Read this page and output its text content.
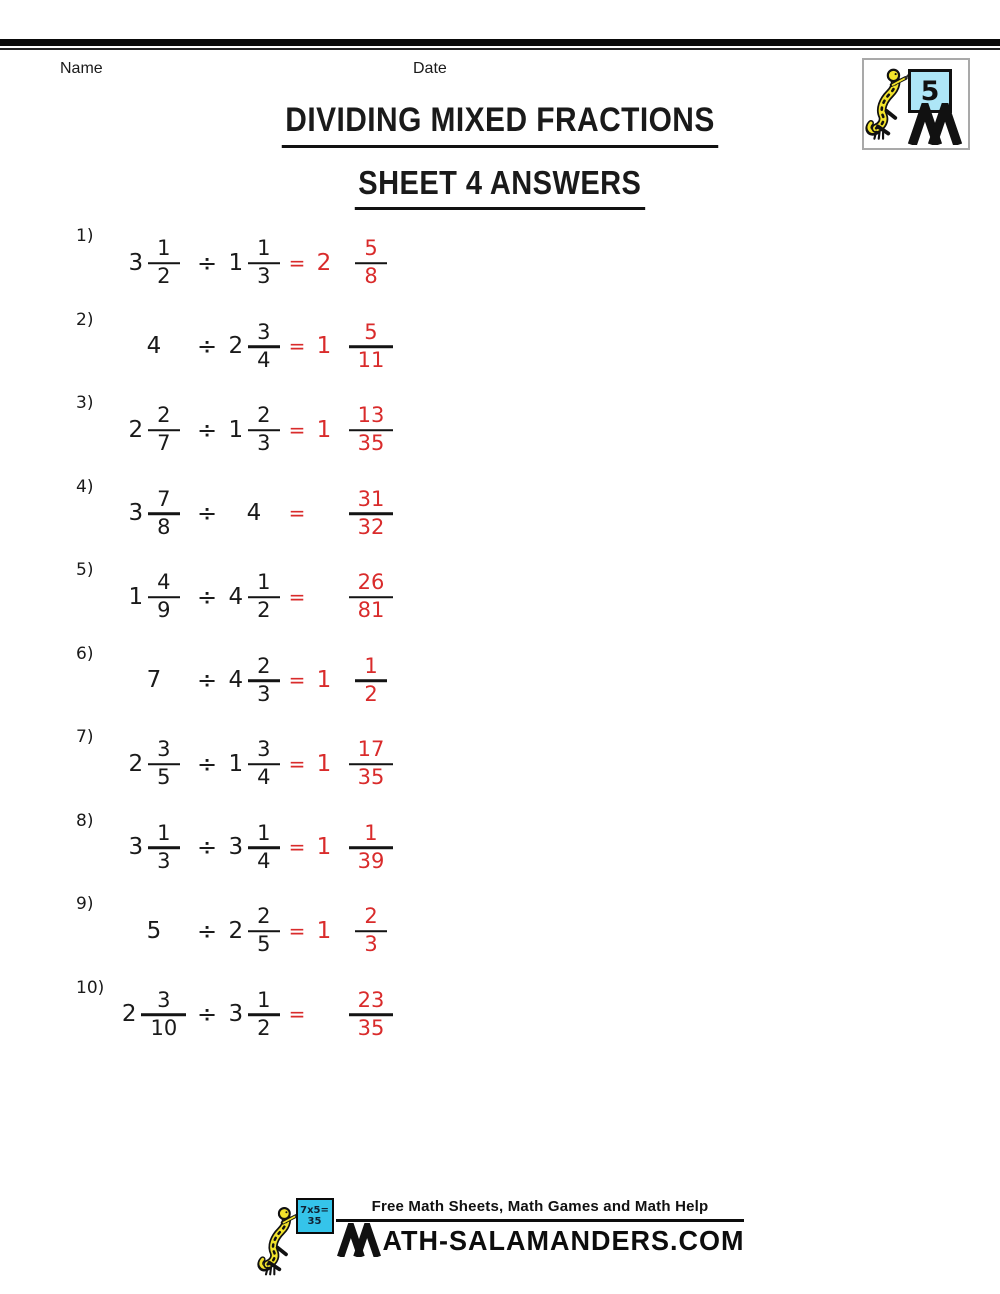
Name	Date
DIVIDING MIXED FRACTIONS
SHEET 4 ANSWERS
5
1)
$3 \frac{1}{2} \div 1 \frac{1}{3} = 2 \frac{5}{8}$
2)
$4 \div 2 \frac{3}{4} = 1 \frac{5}{11}$
3)
$2 \frac{2}{7} \div 1 \frac{2}{3} = 1 \frac{13}{35}$
4)
$3 \frac{7}{8}$ ÷	$4 = \frac{31}{32}$
5)
$1 \frac{4}{9} \div 4 \frac{1}{2} = \frac{26}{81}$
6)
$7 \div 4 \frac{2}{3} = 1 \frac{1}{2}$
7)
$2 \frac{3}{5} \div 1 \frac{3}{4} = 1 \frac{17}{35}$
8)
$3 \frac{1}{3} \div 3 \frac{1}{4} = 1 \frac{1}{39}$
9)
$5 \div 2 \frac{2}{5} = 1 \frac{2}{3}$
10)
$2 \frac{3}{10} \div 3 \frac{1}{2} = \frac{23}{35}$
7x5=
35
Free Math Sheets, Math Games and Math Help
ATH-SALAMANDERS.COM
